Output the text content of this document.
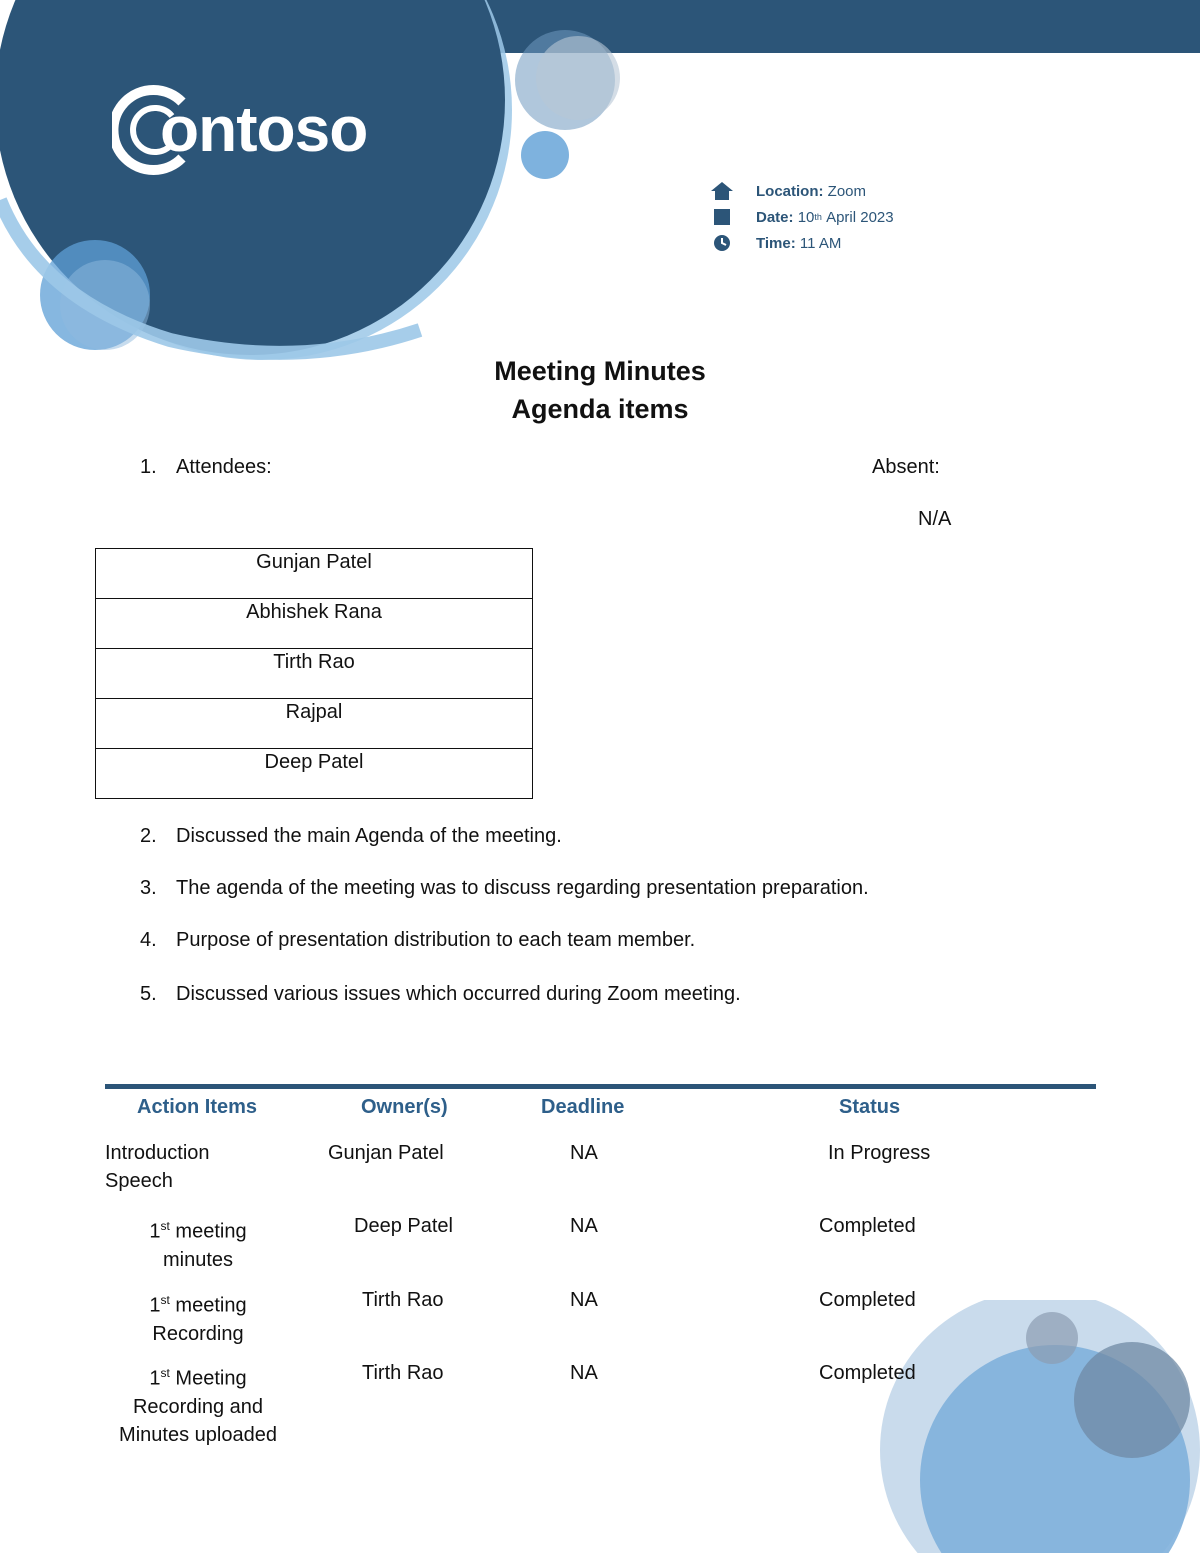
ontoso
Location:
Zoom
Date:
10 th
April 2023
Time:
11 AM
Meeting Minutes
Agenda items
1. Attendees:	Absent:
N/A
Gunjan Patel
Abhishek Rana
Tirth Rao
Rajpal
Deep Patel
2. Discussed the main Agenda of the meeting.
3. The agenda of the meeting was to discuss regarding presentation preparation.
4. Purpose of presentation distribution to each team member.
5. Discussed various issues which occurred during Zoom meeting.
Action Items	Owner(s)	Deadline	Status
Introduction
Speech
Gunjan Patel	NA	In Progress
1st meeting
minutes
Deep Patel	NA	Completed
1st meeting
Recording
Tirth Rao	NA	Completed
1st Meeting
Recording and
Minutes uploaded
Tirth Rao	NA	Completed
